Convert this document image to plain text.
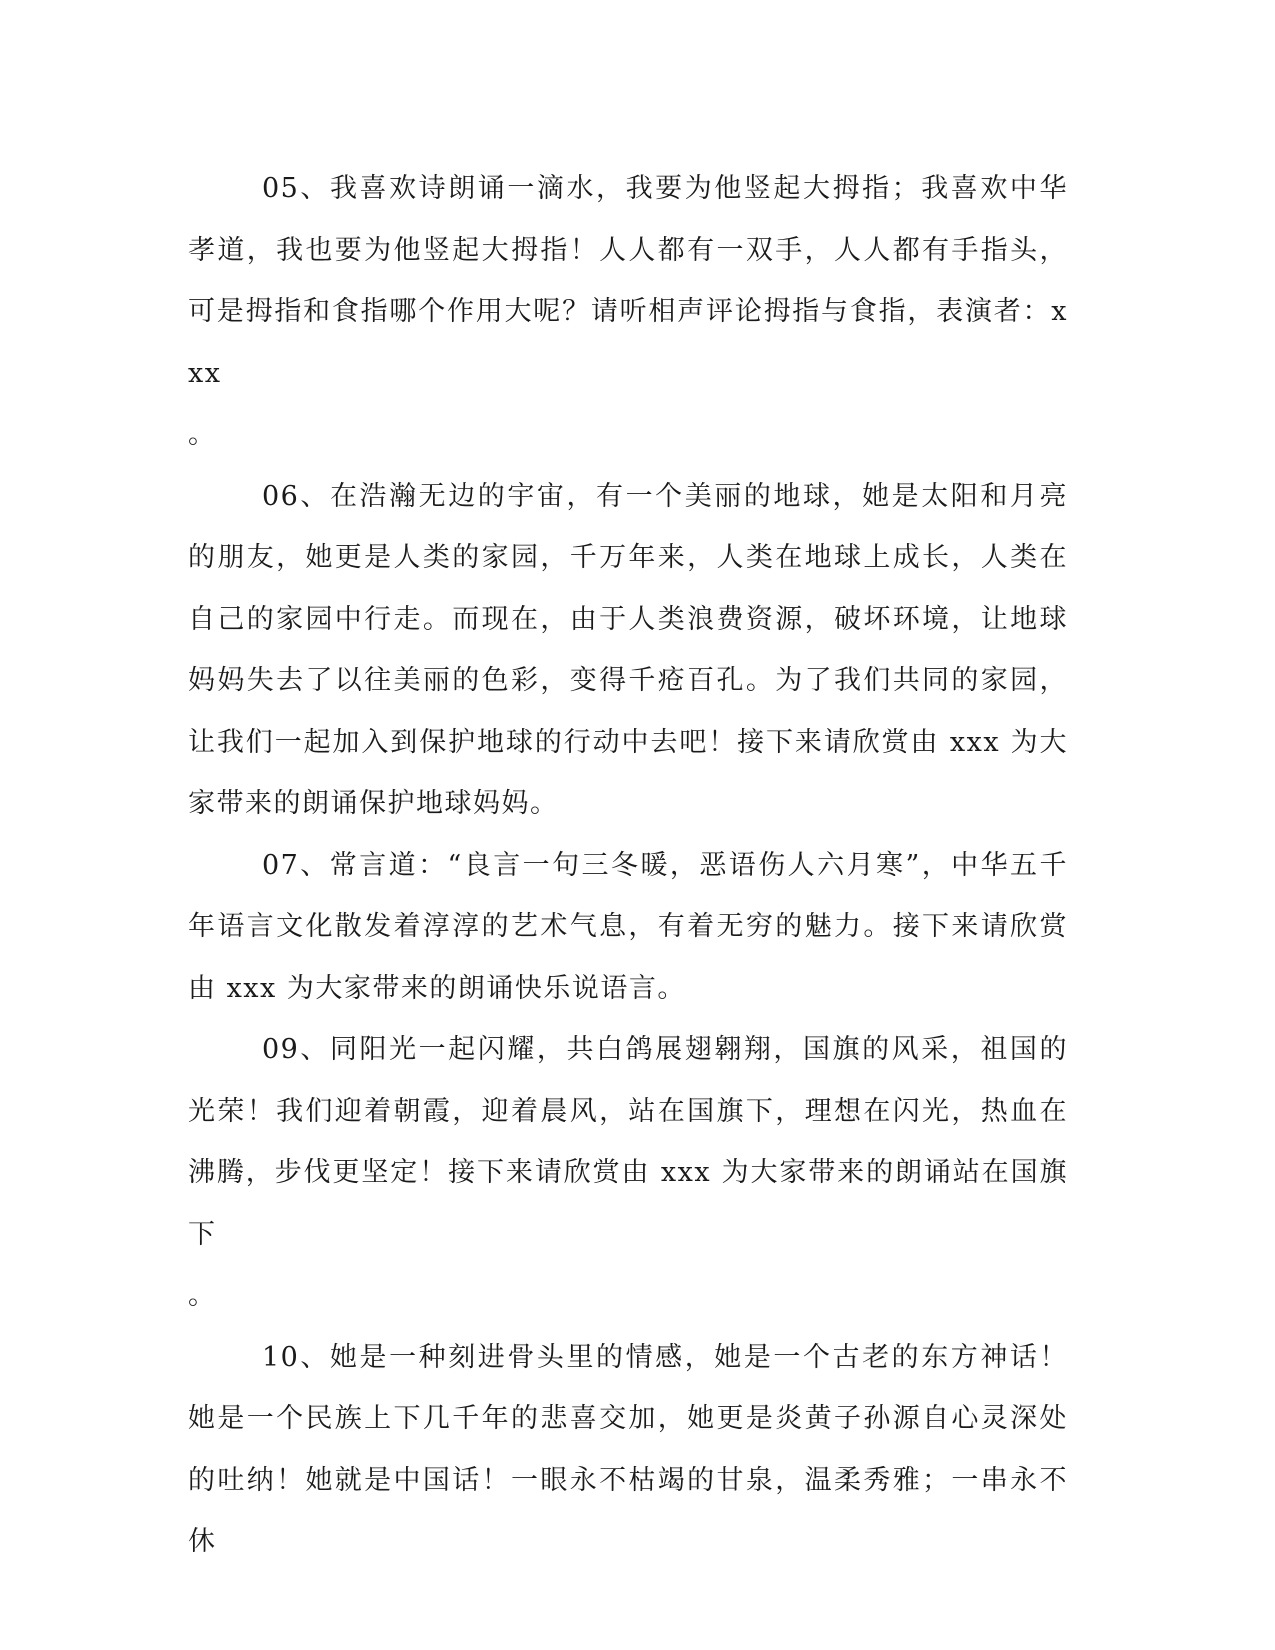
05、我喜欢诗朗诵一滴水，我要为他竖起大拇指；我喜欢中华孝道，我也要为他竖起大拇指！人人都有一双手，人人都有手指头，可是拇指和食指哪个作用大呢？请听相声评论拇指与食指，表演者：xxx
。

06、在浩瀚无边的宇宙，有一个美丽的地球，她是太阳和月亮的朋友，她更是人类的家园，千万年来，人类在地球上成长，人类在自己的家园中行走。而现在，由于人类浪费资源，破坏环境，让地球妈妈失去了以往美丽的色彩，变得千疮百孔。为了我们共同的家园，让我们一起加入到保护地球的行动中去吧！接下来请欣赏由 xxx 为大家带来的朗诵保护地球妈妈。

07、常言道：“良言一句三冬暖，恶语伤人六月寒”，中华五千年语言文化散发着淳淳的艺术气息，有着无穷的魅力。接下来请欣赏由 xxx 为大家带来的朗诵快乐说语言。

09、同阳光一起闪耀，共白鸽展翅翱翔，国旗的风采，祖国的光荣！我们迎着朝霞，迎着晨风，站在国旗下，理想在闪光，热血在沸腾，步伐更坚定！接下来请欣赏由 xxx 为大家带来的朗诵站在国旗下
。

10、她是一种刻进骨头里的情感，她是一个古老的东方神话！她是一个民族上下几千年的悲喜交加，她更是炎黄子孙源自心灵深处的吐纳！她就是中国话！一眼永不枯竭的甘泉，温柔秀雅；一串永不休
